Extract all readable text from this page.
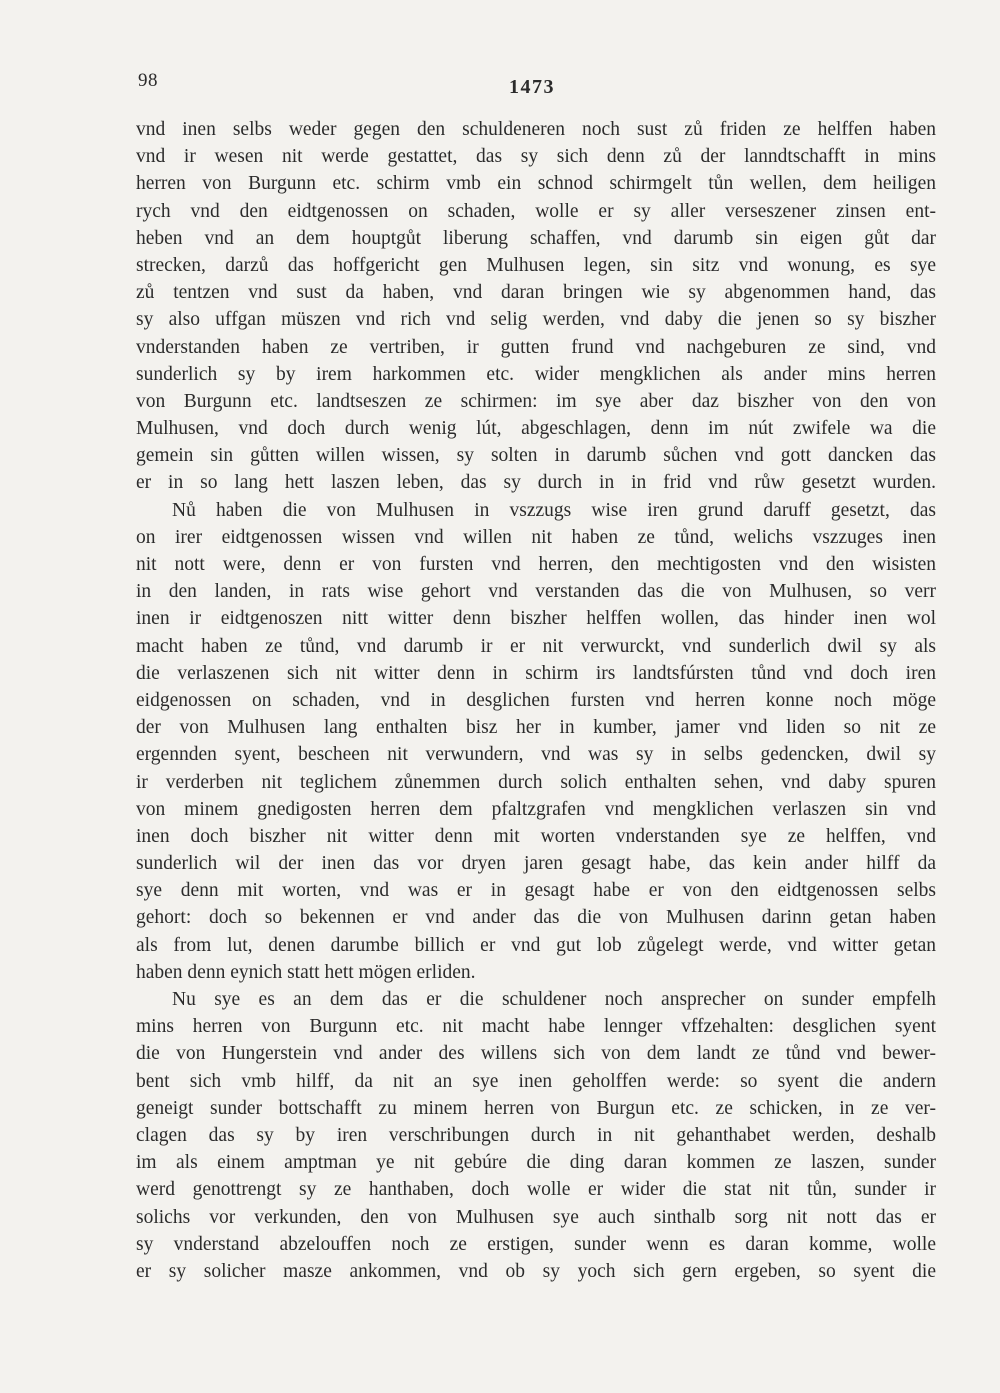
98	1473
vnd inen selbs weder gegen den schuldeneren noch sust zů friden ze helffen haben
vnd ir wesen nit werde gestattet, das sy sich denn zů der lanndtschafft in mins
herren von Burgunn etc. schirm vmb ein schnod schirmgelt tůn wellen, dem heiligen
rych vnd den eidtgenossen on schaden, wolle er sy aller verseszener zinsen ent-
heben vnd an dem houptgůt liberung schaffen, vnd darumb sin eigen gůt dar
strecken, darzů das hoffgericht gen Mulhusen legen, sin sitz vnd wonung, es sye
zů tentzen vnd sust da haben, vnd daran bringen wie sy abgenommen hand, das
sy also uffgan müszen vnd rich vnd selig werden, vnd daby die jenen so sy biszher
vnderstanden haben ze vertriben, ir gutten frund vnd nachgeburen ze sind, vnd
sunderlich sy by irem harkommen etc. wider mengklichen als ander mins herren
von Burgunn etc. landtseszen ze schirmen: im sye aber daz biszher von den von
Mulhusen, vnd doch durch wenig lút, abgeschlagen, denn im nút zwifele wa die
gemein sin gůtten willen wissen, sy solten in darumb sůchen vnd gott dancken das
er in so lang hett laszen leben, das sy durch in in frid vnd růw gesetzt wurden.
Nů haben die von Mulhusen in vszzugs wise iren grund daruff gesetzt, das
on irer eidtgenossen wissen vnd willen nit haben ze tůnd, welichs vszzuges inen
nit nott were, denn er von fursten vnd herren, den mechtigosten vnd den wisisten
in den landen, in rats wise gehort vnd verstanden das die von Mulhusen, so verr
inen ir eidtgenoszen nitt witter denn biszher helffen wollen, das hinder inen wol
macht haben ze tůnd, vnd darumb ir er nit verwurckt, vnd sunderlich dwil sy als
die verlaszenen sich nit witter denn in schirm irs landtsfúrsten tůnd vnd doch iren
eidgenossen on schaden, vnd in desglichen fursten vnd herren konne noch möge
der von Mulhusen lang enthalten bisz her in kumber, jamer vnd liden so nit ze
ergennden syent, bescheen nit verwundern, vnd was sy in selbs gedencken, dwil sy
ir verderben nit teglichem zůnemmen durch solich enthalten sehen, vnd daby spuren
von minem gnedigosten herren dem pfaltzgrafen vnd mengklichen verlaszen sin vnd
inen doch biszher nit witter denn mit worten vnderstanden sye ze helffen, vnd
sunderlich wil der inen das vor dryen jaren gesagt habe, das kein ander hilff da
sye denn mit worten, vnd was er in gesagt habe er von den eidtgenossen selbs
gehort: doch so bekennen er vnd ander das die von Mulhusen darinn getan haben
als from lut, denen darumbe billich er vnd gut lob zůgelegt werde, vnd witter getan
haben denn eynich statt hett mögen erliden.
Nu sye es an dem das er die schuldener noch ansprecher on sunder empfelh
mins herren von Burgunn etc. nit macht habe lennger vffzehalten: desglichen syent
die von Hungerstein vnd ander des willens sich von dem landt ze tůnd vnd bewer-
bent sich vmb hilff, da nit an sye inen geholffen werde: so syent die andern
geneigt sunder bottschafft zu minem herren von Burgun etc. ze schicken, in ze ver-
clagen das sy by iren verschribungen durch in nit gehanthabet werden, deshalb
im als einem amptman ye nit gebúre die ding daran kommen ze laszen, sunder
werd genottrengt sy ze hanthaben, doch wolle er wider die stat nit tůn, sunder ir
solichs vor verkunden, den von Mulhusen sye auch sinthalb sorg nit nott das er
sy vnderstand abzelouffen noch ze erstigen, sunder wenn es daran komme, wolle
er sy solicher masze ankommen, vnd ob sy yoch sich gern ergeben, so syent die
